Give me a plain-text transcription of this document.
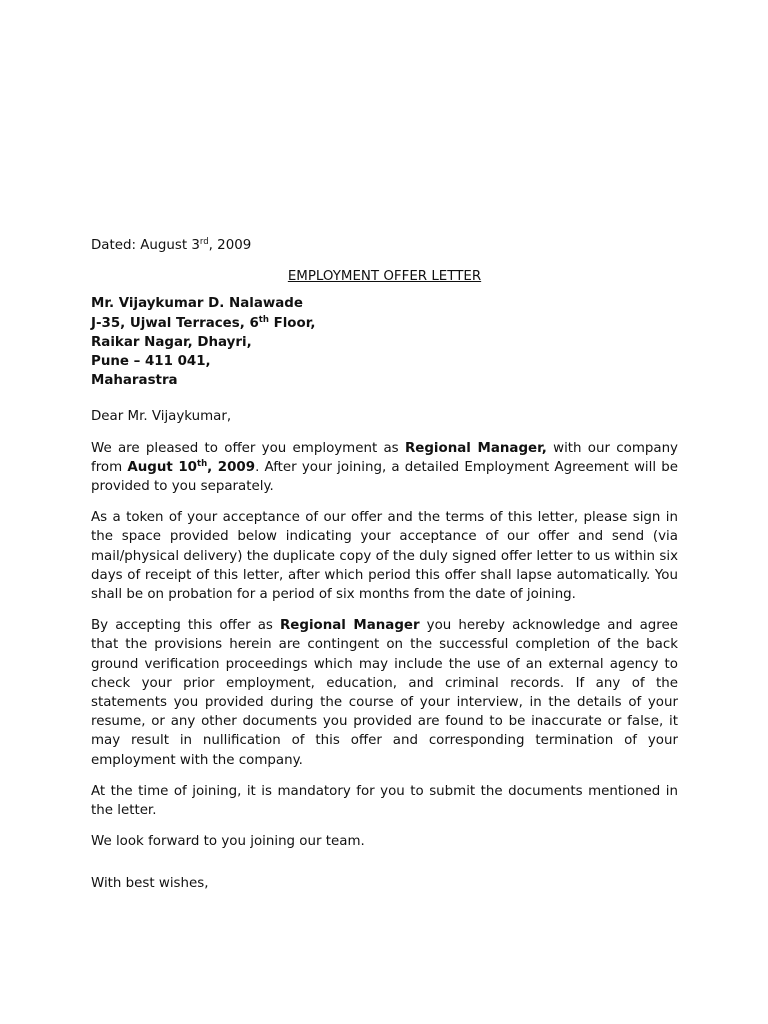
Dated: August 3rd, 2009

EMPLOYMENT OFFER LETTER

Mr. Vijaykumar D. Nalawade

J-35, Ujwal Terraces, 6th Floor,

Raikar Nagar, Dhayri,

Pune – 411 041,

Maharastra

Dear Mr. Vijaykumar,

We are pleased to offer you employment as Regional Manager, with our company from Augut 10th, 2009. After your joining, a detailed Employment Agreement will be provided to you separately.

As a token of your acceptance of our offer and the terms of this letter, please sign in the space provided below indicating your acceptance of our offer and send (via mail/physical delivery) the duplicate copy of the duly signed offer letter to us within six days of receipt of this letter, after which period this offer shall lapse automatically. You shall be on probation for a period of six months from the date of joining.

By accepting this offer as Regional Manager you hereby acknowledge and agree that the provisions herein are contingent on the successful completion of the back ground verification proceedings which may include the use of an external agency to check your prior employment, education, and criminal records. If any of the statements you provided during the course of your interview, in the details of your resume, or any other documents you provided are found to be inaccurate or false, it may result in nullification of this offer and corresponding termination of your employment with the company.

At the time of joining, it is mandatory for you to submit the documents mentioned in the letter.

We look forward to you joining our team.

With best wishes,
